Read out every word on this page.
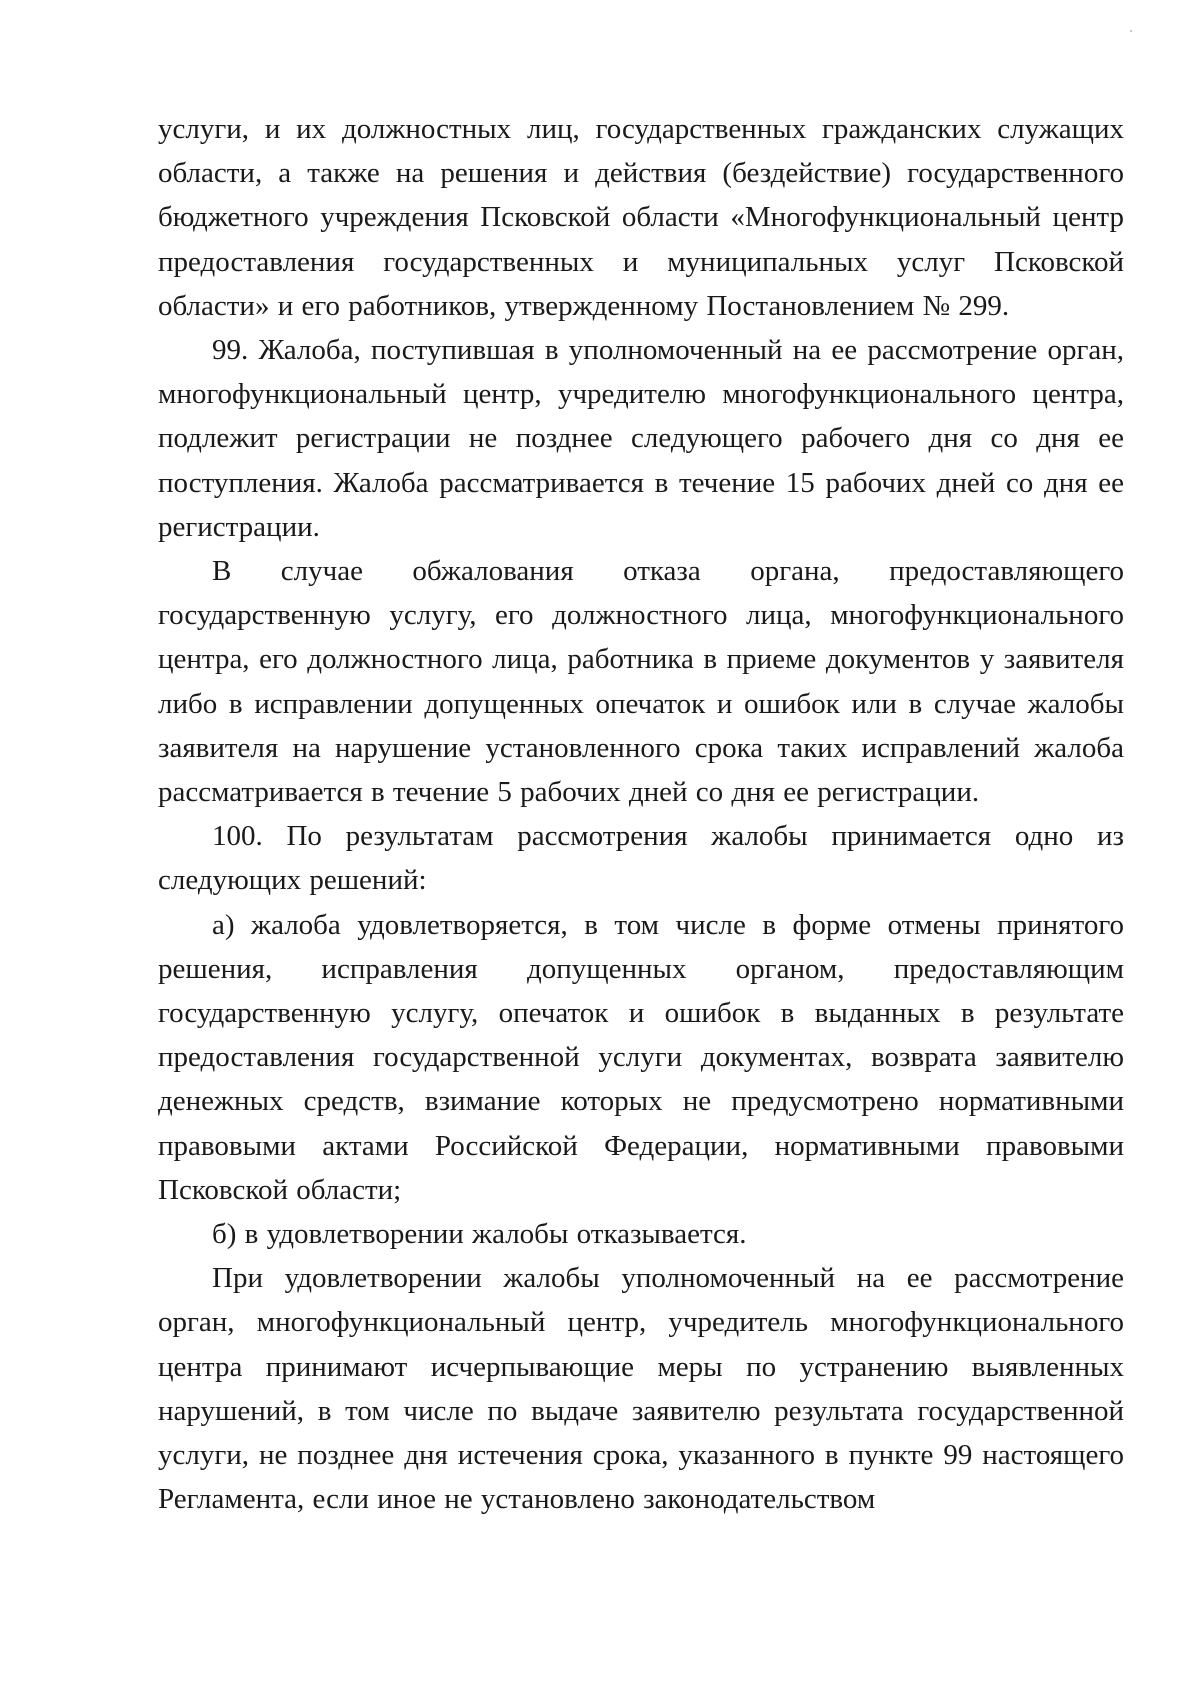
услуги, и их должностных лиц, государственных гражданских служащих области, а также на решения и действия (бездействие) государственного бюджетного учреждения Псковской области «Многофункциональный центр предоставления государственных и муниципальных услуг Псковской области» и его работников, утвержденному Постановлением № 299.

99. Жалоба, поступившая в уполномоченный на ее рассмотрение орган, многофункциональный центр, учредителю многофункционального центра, подлежит регистрации не позднее следующего рабочего дня со дня ее поступления. Жалоба рассматривается в течение 15 рабочих дней со дня ее регистрации.

В случае обжалования отказа органа, предоставляющего государственную услугу, его должностного лица, многофункционального центра, его должностного лица, работника в приеме документов у заявителя либо в исправлении допущенных опечаток и ошибок или в случае жалобы заявителя на нарушение установленного срока таких исправлений жалоба рассматривается в течение 5 рабочих дней со дня ее регистрации.

100. По результатам рассмотрения жалобы принимается одно из следующих решений:

а) жалоба удовлетворяется, в том числе в форме отмены принятого решения, исправления допущенных органом, предоставляющим государственную услугу, опечаток и ошибок в выданных в результате предоставления государственной услуги документах, возврата заявителю денежных средств, взимание которых не предусмотрено нормативными правовыми актами Российской Федерации, нормативными правовыми Псковской области;

б) в удовлетворении жалобы отказывается.

При удовлетворении жалобы уполномоченный на ее рассмотрение орган, многофункциональный центр, учредитель многофункционального центра принимают исчерпывающие меры по устранению выявленных нарушений, в том числе по выдаче заявителю результата государственной услуги, не позднее дня истечения срока, указанного в пункте 99 настоящего Регламента, если иное не установлено законодательством
